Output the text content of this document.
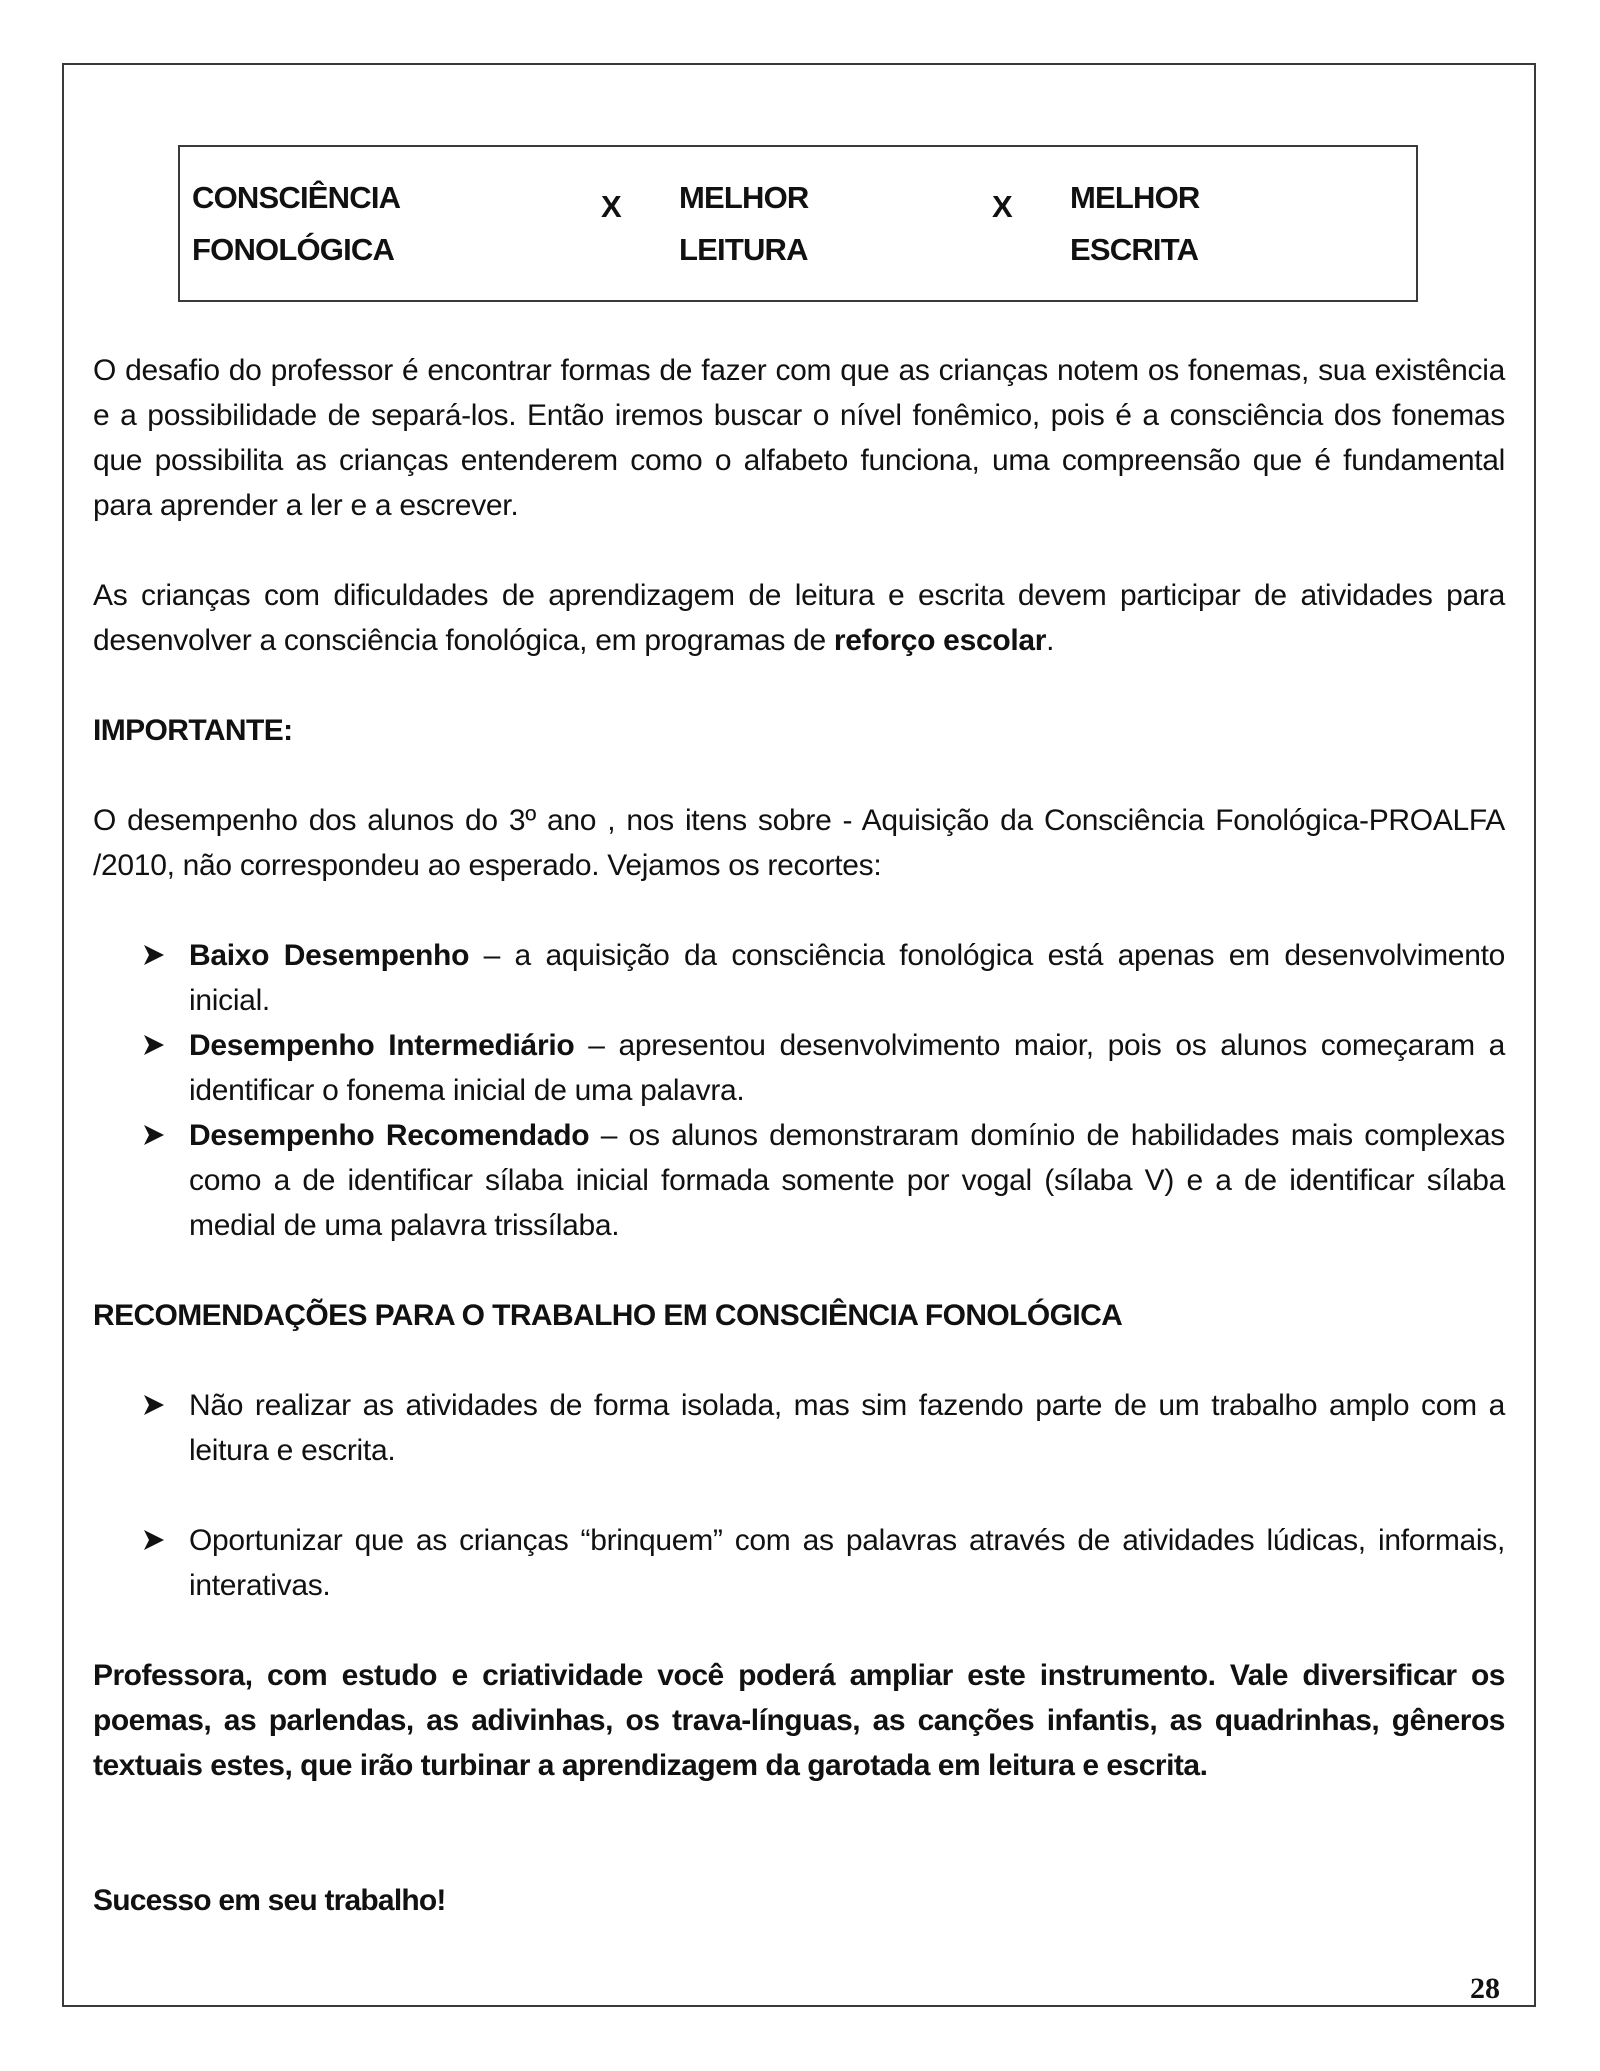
CONSCIÊNCIA
FONOLÓGICA
X MELHOR
LEITURA
X MELHOR
ESCRITA

O desafio do professor é encontrar formas de fazer com que as crianças notem os fonemas, sua existência e a possibilidade de separá-los. Então iremos buscar o nível fonêmico, pois é a consciência dos fonemas que possibilita as crianças entenderem como o alfabeto funciona, uma compreensão que é fundamental para aprender a ler e a escrever.

As crianças com dificuldades de aprendizagem de leitura e escrita devem participar de atividades para desenvolver a consciência fonológica, em programas de reforço escolar.

IMPORTANTE:

O desempenho dos alunos do 3º ano , nos itens sobre - Aquisição da Consciência Fonológica-PROALFA /2010, não correspondeu ao esperado. Vejamos os recortes:

Baixo Desempenho – a aquisição da consciência fonológica está apenas em desenvolvimento inicial.
Desempenho Intermediário – apresentou desenvolvimento maior, pois os alunos começaram a identificar o fonema inicial de uma palavra.
Desempenho Recomendado – os alunos demonstraram domínio de habilidades mais complexas como a de identificar sílaba inicial formada somente por vogal (sílaba V) e a de identificar sílaba medial de uma palavra trissílaba.

RECOMENDAÇÕES PARA O TRABALHO EM CONSCIÊNCIA FONOLÓGICA

Não realizar as atividades de forma isolada, mas sim fazendo parte de um trabalho amplo com a leitura e escrita.
Oportunizar que as crianças “brinquem” com as palavras através de atividades lúdicas, informais, interativas.

Professora, com estudo e criatividade você poderá ampliar este instrumento. Vale diversificar os poemas, as parlendas, as adivinhas, os trava-línguas, as canções infantis, as quadrinhas, gêneros textuais estes, que irão turbinar a aprendizagem da garotada em leitura e escrita.

Sucesso em seu trabalho!

28
